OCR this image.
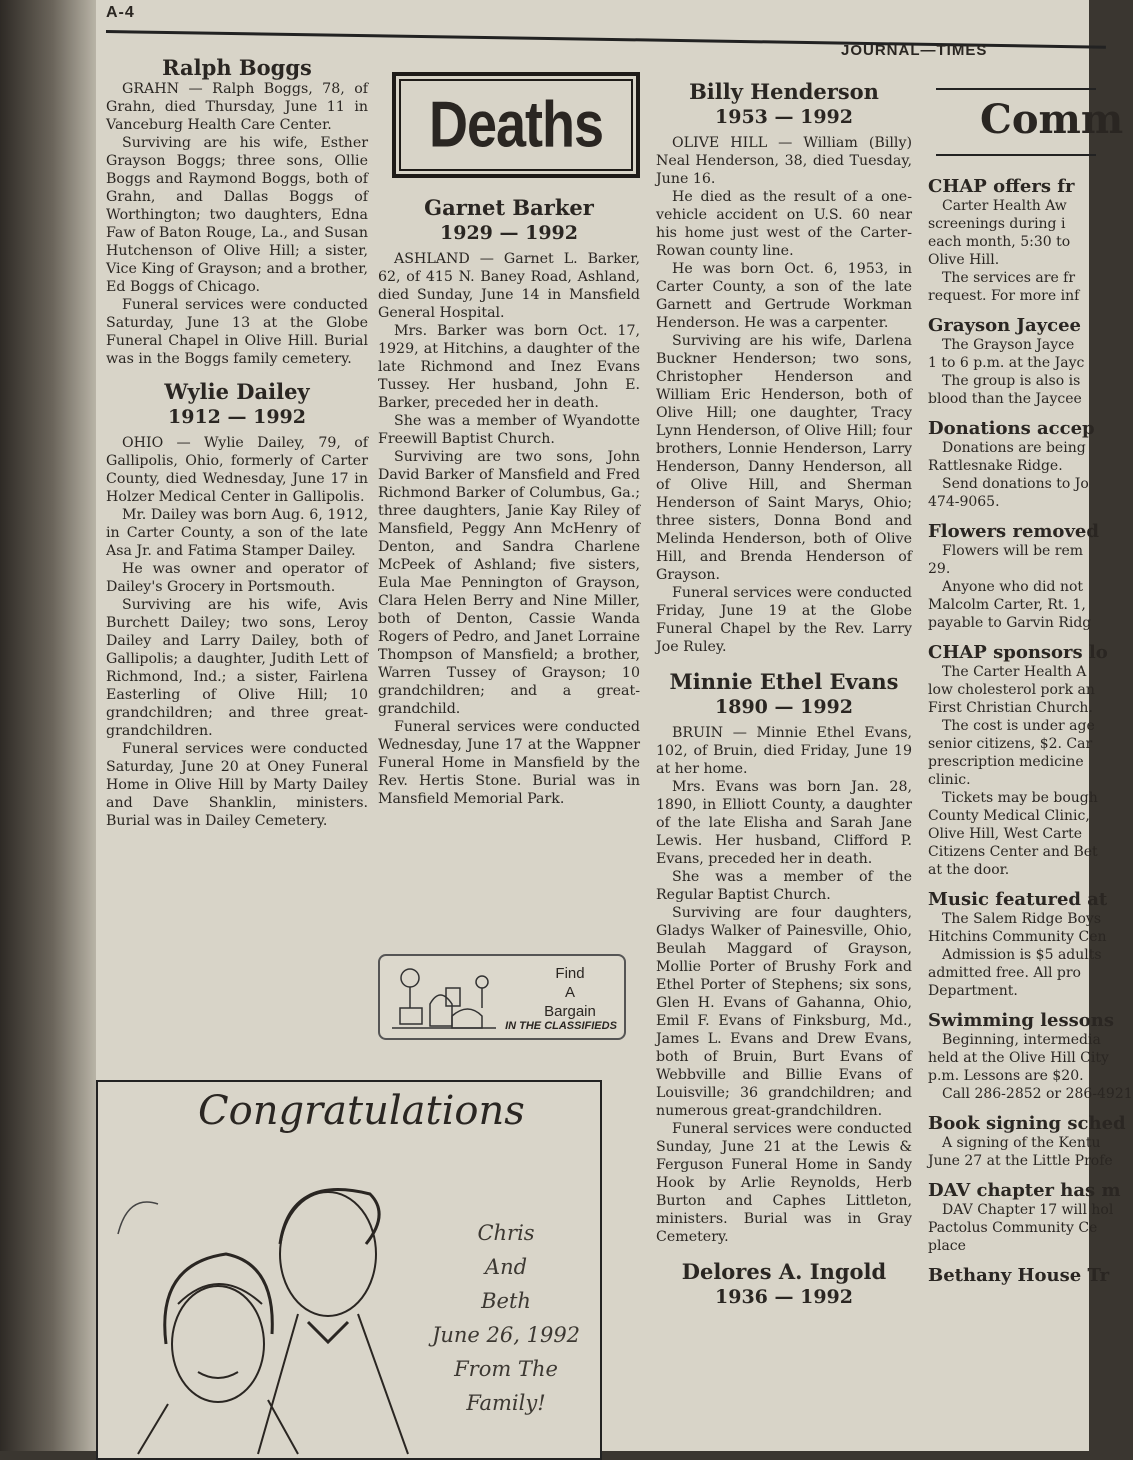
A-4
JOURNAL—TIMES
Ralph Boggs

GRAHN — Ralph Boggs, 78, of Grahn, died Thursday, June 11 in Vanceburg Health Care Center.

Surviving are his wife, Esther Grayson Boggs; three sons, Ollie Boggs and Raymond Boggs, both of Grahn, and Dallas Boggs of Worthington; two daughters, Edna Faw of Baton Rouge, La., and Susan Hutchenson of Olive Hill; a sister, Vice King of Grayson; and a brother, Ed Boggs of Chicago.

Funeral services were conducted Saturday, June 13 at the Globe Funeral Chapel in Olive Hill. Burial was in the Boggs family cemetery.

Wylie Dailey
1912 — 1992

OHIO — Wylie Dailey, 79, of Gallipolis, Ohio, formerly of Carter County, died Wednesday, June 17 in Holzer Medical Center in Gallipolis.

Mr. Dailey was born Aug. 6, 1912, in Carter County, a son of the late Asa Jr. and Fatima Stamper Dailey.

He was owner and operator of Dailey's Grocery in Portsmouth.

Surviving are his wife, Avis Burchett Dailey; two sons, Leroy Dailey and Larry Dailey, both of Gallipolis; a daughter, Judith Lett of Richmond, Ind.; a sister, Fairlena Easterling of Olive Hill; 10 grandchildren; and three great-grandchildren.

Funeral services were conducted Saturday, June 20 at Oney Funeral Home in Olive Hill by Marty Dailey and Dave Shanklin, ministers. Burial was in Dailey Cemetery.

Deaths
Garnet Barker
1929 — 1992

ASHLAND — Garnet L. Barker, 62, of 415 N. Baney Road, Ashland, died Sunday, June 14 in Mansfield General Hospital.

Mrs. Barker was born Oct. 17, 1929, at Hitchins, a daughter of the late Richmond and Inez Evans Tussey. Her husband, John E. Barker, preceded her in death.

She was a member of Wyandotte Freewill Baptist Church.

Surviving are two sons, John David Barker of Mansfield and Fred Richmond Barker of Columbus, Ga.; three daughters, Janie Kay Riley of Mansfield, Peggy Ann McHenry of Denton, and Sandra Charlene McPeek of Ashland; five sisters, Eula Mae Pennington of Grayson, Clara Helen Berry and Nine Miller, both of Denton, Cassie Wanda Rogers of Pedro, and Janet Lorraine Thompson of Mansfield; a brother, Warren Tussey of Grayson; 10 grandchildren; and a great-grandchild.

Funeral services were conducted Wednesday, June 17 at the Wappner Funeral Home in Mansfield by the Rev. Hertis Stone. Burial was in Mansfield Memorial Park.

Find
A
Bargain
IN THE CLASSIFIEDS
Billy Henderson
1953 — 1992

OLIVE HILL — William (Billy) Neal Henderson, 38, died Tuesday, June 16.

He died as the result of a one-vehicle accident on U.S. 60 near his home just west of the Carter-Rowan county line.

He was born Oct. 6, 1953, in Carter County, a son of the late Garnett and Gertrude Workman Henderson. He was a carpenter.

Surviving are his wife, Darlena Buckner Henderson; two sons, Christopher Henderson and William Eric Henderson, both of Olive Hill; one daughter, Tracy Lynn Henderson, of Olive Hill; four brothers, Lonnie Henderson, Larry Henderson, Danny Henderson, all of Olive Hill, and Sherman Henderson of Saint Marys, Ohio; three sisters, Donna Bond and Melinda Henderson, both of Olive Hill, and Brenda Henderson of Grayson.

Funeral services were conducted Friday, June 19 at the Globe Funeral Chapel by the Rev. Larry Joe Ruley.

Minnie Ethel Evans
1890 — 1992

BRUIN — Minnie Ethel Evans, 102, of Bruin, died Friday, June 19 at her home.

Mrs. Evans was born Jan. 28, 1890, in Elliott County, a daughter of the late Elisha and Sarah Jane Lewis. Her husband, Clifford P. Evans, preceded her in death.

She was a member of the Regular Baptist Church.

Surviving are four daughters, Gladys Walker of Painesville, Ohio, Beulah Maggard of Grayson, Mollie Porter of Brushy Fork and Ethel Porter of Stephens; six sons, Glen H. Evans of Gahanna, Ohio, Emil F. Evans of Finksburg, Md., James L. Evans and Drew Evans, both of Bruin, Burt Evans of Webbville and Billie Evans of Louisville; 36 grandchildren; and numerous great-grandchildren.

Funeral services were conducted Sunday, June 21 at the Lewis & Ferguson Funeral Home in Sandy Hook by Arlie Reynolds, Herb Burton and Caphes Littleton, ministers. Burial was in Gray Cemetery.

Delores A. Ingold
1936 — 1992
Congratulations
Chris
And
Beth
June 26, 1992
From The
Family!
Comm
CHAP offers fr
Carter Health Aw
screenings during i
each month, 5:30 to
Olive Hill.
The services are fr
request. For more inf
Grayson Jaycee
The Grayson Jayce
1 to 6 p.m. at the Jayc
The group is also is
blood than the Jaycee
Donations accep
Donations are being
Rattlesnake Ridge.
Send donations to Jo
474-9065.
Flowers removed
Flowers will be rem
29.
Anyone who did not
Malcolm Carter, Rt. 1,
payable to Garvin Ridg
CHAP sponsors lo
The Carter Health A
low cholesterol pork an
First Christian Church.
The cost is under age
senior citizens, $2. Car
prescription medicine
clinic.
Tickets may be bough
County Medical Clinic,
Olive Hill, West Carte
Citizens Center and Bet
at the door.
Music featured at
The Salem Ridge Boys
Hitchins Community Cen
Admission is $5 adults
admitted free. All pro
Department.
Swimming lessons
Beginning, intermedia
held at the Olive Hill City
p.m. Lessons are $20.
Call 286-2852 or 286-4921
Book signing sched
A signing of the Kentu
June 27 at the Little Profe
DAV chapter has m
DAV Chapter 17 will hol
Pactolus Community Ce
place
Bethany House Tr
